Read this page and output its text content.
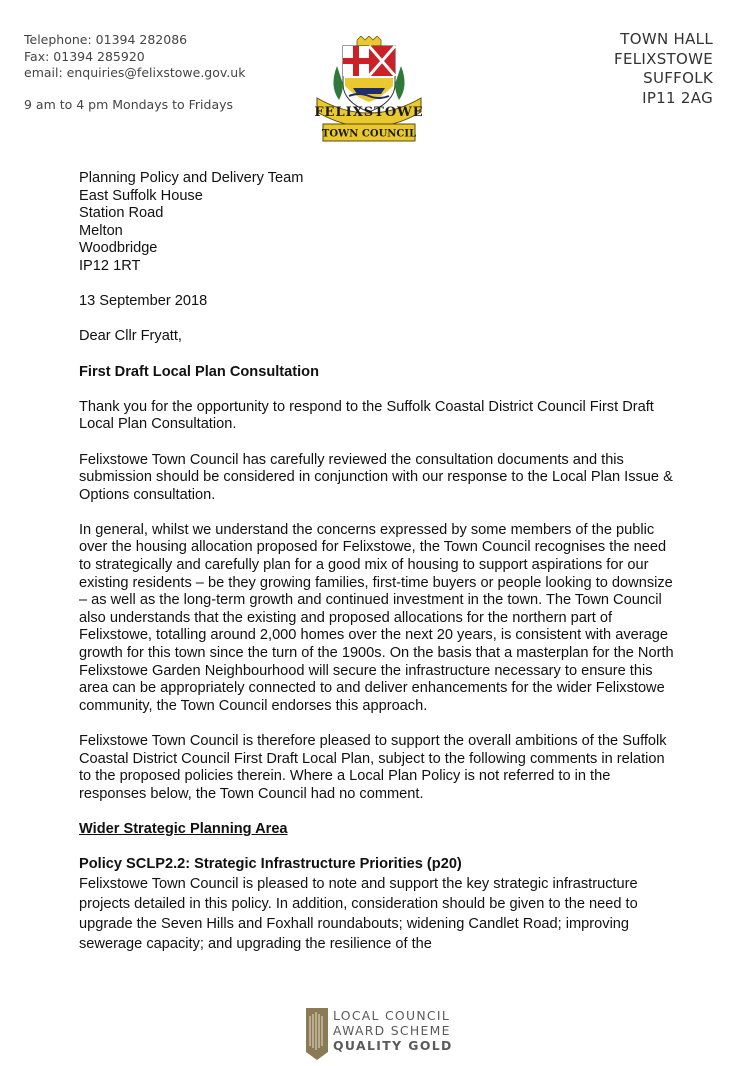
Telephone: 01394 282086
Fax: 01394 285920
email: enquiries@felixstowe.gov.uk
9 am to 4 pm Mondays to Fridays
FELIXSTOWE
TOWN COUNCIL
TOWN HALL
FELIXSTOWE
SUFFOLK
IP11 2AG

Planning Policy and Delivery Team

East Suffolk House

Station Road

Melton

Woodbridge

IP12 1RT

13 September 2018

Dear Cllr Fryatt,

First Draft Local Plan Consultation

Thank you for the opportunity to respond to the Suffolk Coastal District Council First Draft Local Plan Consultation.

Felixstowe Town Council has carefully reviewed the consultation documents and this submission should be considered in conjunction with our response to the Local Plan Issue & Options consultation.

In general, whilst we understand the concerns expressed by some members of the public over the housing allocation proposed for Felixstowe, the Town Council recognises the need to strategically and carefully plan for a good mix of housing to support aspirations for our existing residents – be they growing families, first-time buyers or people looking to downsize – as well as the long-term growth and continued investment in the town. The Town Council also understands that the existing and proposed allocations for the northern part of Felixstowe, totalling around 2,000 homes over the next 20 years, is consistent with average growth for this town since the turn of the 1900s. On the basis that a masterplan for the North Felixstowe Garden Neighbourhood will secure the infrastructure necessary to ensure this area can be appropriately connected to and deliver enhancements for the wider Felixstowe community, the Town Council endorses this approach.

Felixstowe Town Council is therefore pleased to support the overall ambitions of the Suffolk Coastal District Council First Draft Local Plan, subject to the following comments in relation to the proposed policies therein. Where a Local Plan Policy is not referred to in the responses below, the Town Council had no comment.

Wider Strategic Planning Area

Policy SCLP2.2: Strategic Infrastructure Priorities (p20)

Felixstowe Town Council is pleased to note and support the key strategic infrastructure projects detailed in this policy. In addition, consideration should be given to the need to upgrade the Seven Hills and Foxhall roundabouts; widening Candlet Road; improving sewerage capacity; and upgrading the resilience of the

LOCAL COUNCIL
AWARD SCHEME
QUALITY GOLD
